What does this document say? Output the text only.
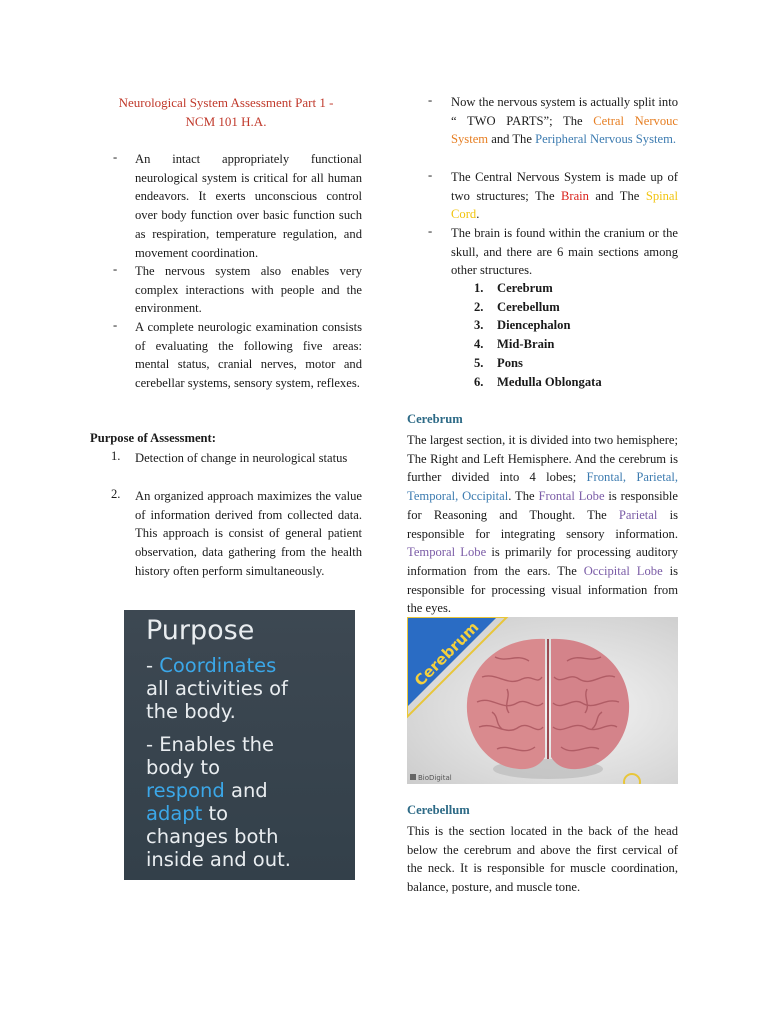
Neurological System Assessment Part 1 -
NCM 101 H.A.
- An intact appropriately functional neurological system is critical for all human endeavors. It exerts unconscious control over body function over basic function such as respiration, temperature regulation, and movement coordination.
- The nervous system also enables very complex interactions with people and the environment.
- A complete neurologic examination consists of evaluating the following five areas: mental status, cranial nerves, motor and cerebellar systems, sensory system, reflexes.
Purpose of Assessment:
1. Detection of change in neurological status
2. An organized approach maximizes the value of information derived from collected data. This approach is consist of general patient observation, data gathering from the health history often perform simultaneously.
Purpose
- Coordinates
all activities of
the body.
- Enables the
body to
respond and
adapt to
changes both
inside and out.
- Now the nervous system is actually split into “ TWO PARTS”; The Cetral Nervouc System and The Peripheral Nervous System.
- The Central Nervous System is made up of two structures; The Brain and The Spinal Cord.
- The brain is found within the cranium or the skull, and there are 6 main sections among other structures.
1. Cerebrum
2. Cerebellum
3. Diencephalon
4. Mid-Brain
5. Pons
6. Medulla Oblongata
Cerebrum
The largest section, it is divided into two hemisphere; The Right and Left Hemisphere. And the cerebrum is further divided into 4 lobes; Frontal, Parietal, Temporal, Occipital. The Frontal Lobe is responsible for Reasoning and Thought. The Parietal is responsible for integrating sensory information. Temporal Lobe is primarily for processing auditory information from the ears. The Occipital Lobe is responsible for processing visual information from the eyes.
Cerebrum
BioDigital
Cerebellum
This is the section located in the back of the head below the cerebrum and above the first cervical of the neck. It is responsible for muscle coordination, balance, posture, and muscle tone.
